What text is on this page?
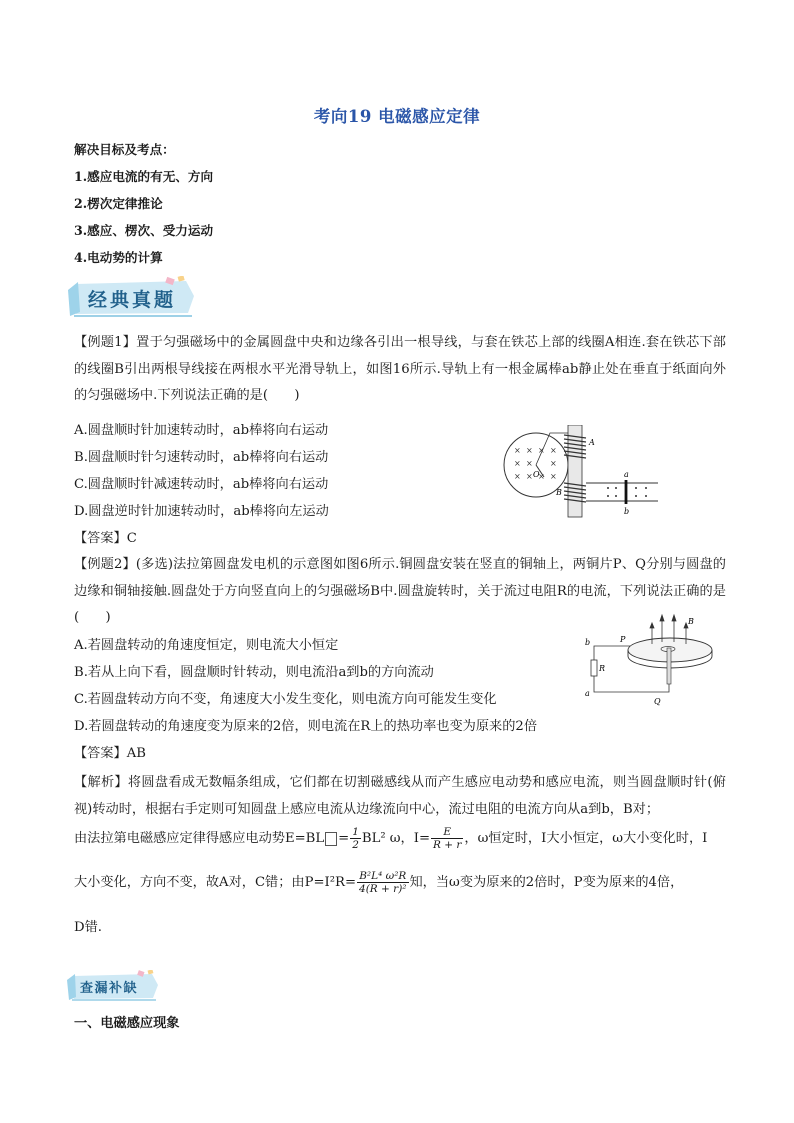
考向19 电磁感应定律
解决目标及考点：
1.感应电流的有无、方向
2.楞次定律推论
3.感应、楞次、受力运动
4.电动势的计算
经典真题
【例题1】置于匀强磁场中的金属圆盘中央和边缘各引出一根导线，与套在铁芯上部的线圈A相连.套在铁芯下部的线圈B引出两根导线接在两根水平光滑导轨上，如图16所示.导轨上有一根金属棒ab静止处在垂直于纸面向外的匀强磁场中.下列说法正确的是(　　)
A.圆盘顺时针加速转动时，ab棒将向右运动
B.圆盘顺时针匀速转动时，ab棒将向右运动
C.圆盘顺时针减速转动时，ab棒将向右运动
D.圆盘逆时针加速转动时，ab棒将向左运动
【答案】C
× × × ×
× × ×
× × × ×
O
A
B
a
b
【例题2】(多选)法拉第圆盘发电机的示意图如图6所示.铜圆盘安装在竖直的铜轴上，两铜片P、Q分别与圆盘的边缘和铜轴接触.圆盘处于方向竖直向上的匀强磁场B中.圆盘旋转时，关于流过电阻R的电流，下列说法正确的是(　　)
A.若圆盘转动的角速度恒定，则电流大小恒定
B.若从上向下看，圆盘顺时针转动，则电流沿a到b的方向流动
C.若圆盘转动方向不变，角速度大小发生变化，则电流方向可能发生变化
D.若圆盘转动的角速度变为原来的2倍，则电流在R上的热功率也变为原来的2倍
【答案】AB
B
P
b
R
a
Q
【解析】将圆盘看成无数幅条组成，它们都在切割磁感线从而产生感应电动势和感应电流，则当圆盘顺时针(俯视)转动时，根据右手定则可知圆盘上感应电流从边缘流向中心，流过电阻的电流方向从a到b，B对；
由法拉第电磁感应定律得感应电动势$E=BL = \frac{1}{2} BL^2$ ω，$I= \frac{E}{R + r}$ ，ω恒定时，I大小恒定，ω大小变化时，I
大小变化，方向不变，故A对，C错；由$P=I^2R= \frac{\text{B²L⁴ ω²R}}{\text{4(R + r)²}}$ 知，当ω变为原来的2倍时，P变为原来的4倍，
D错.
查漏补缺
一、电磁感应现象
